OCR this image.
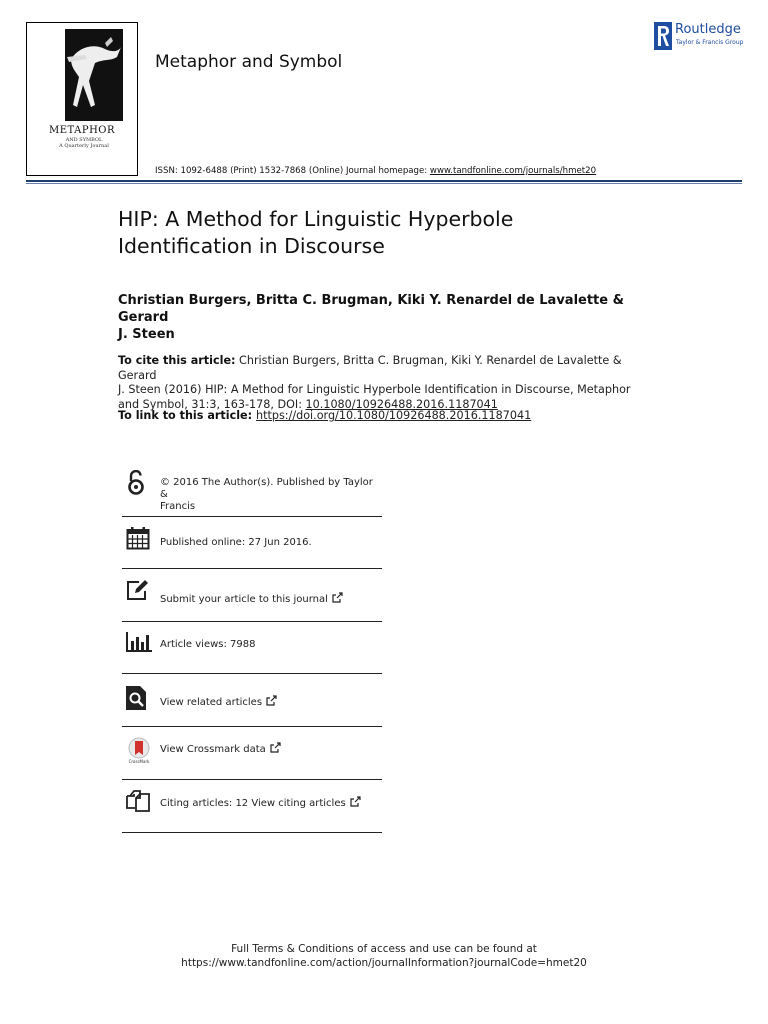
METAPHOR
AND SYMBOL
A Quarterly Journal
Metaphor and Symbol
Routledge
Taylor & Francis Group
ISSN: 1092-6488 (Print) 1532-7868 (Online) Journal homepage: www.tandfonline.com/journals/hmet20
HIP: A Method for Linguistic Hyperbole
Identification in Discourse
Christian Burgers, Britta C. Brugman, Kiki Y. Renardel de Lavalette & Gerard
J. Steen
To cite this article: Christian Burgers, Britta C. Brugman, Kiki Y. Renardel de Lavalette & Gerard
J. Steen (2016) HIP: A Method for Linguistic Hyperbole Identification in Discourse, Metaphor
and Symbol, 31:3, 163-178, DOI: 10.1080/10926488.2016.1187041
To link to this article: https://doi.org/10.1080/10926488.2016.1187041
© 2016 The Author(s). Published by Taylor &
Francis
Published online: 27 Jun 2016.
Submit your article to this journal
Article views: 7988
View related articles
CrossMark
View Crossmark data
Citing articles: 12 View citing articles
Full Terms & Conditions of access and use can be found at
https://www.tandfonline.com/action/journalInformation?journalCode=hmet20
